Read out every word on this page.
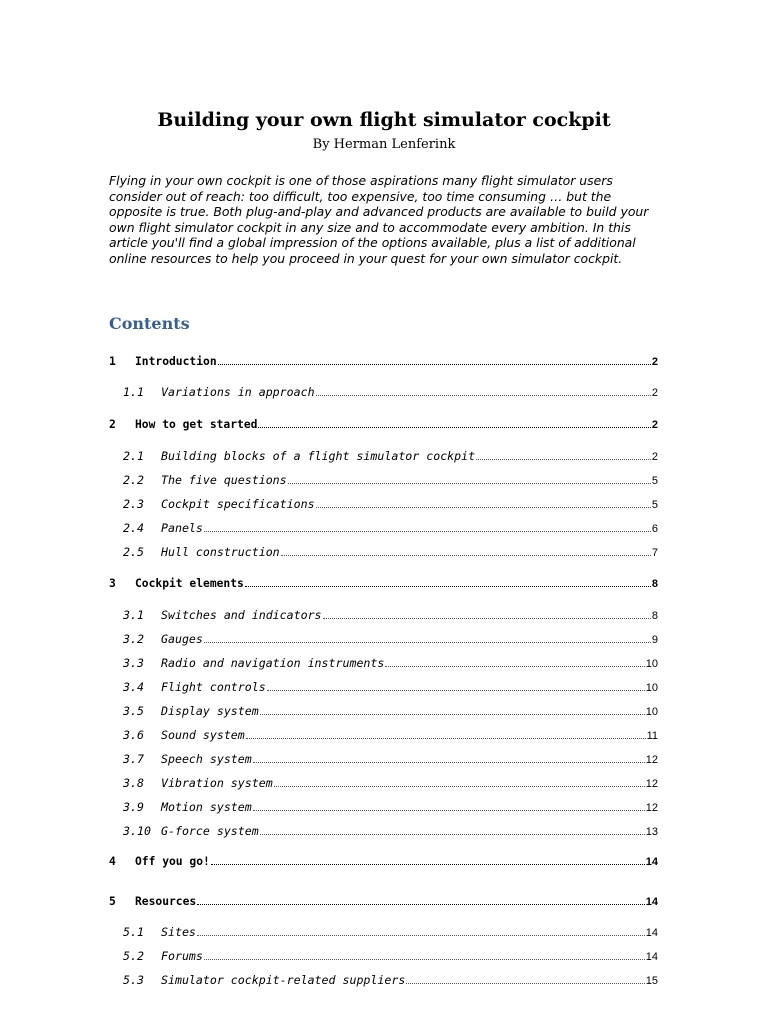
Building your own flight simulator cockpit
By Herman Lenferink

Flying in your own cockpit is one of those aspirations many flight simulator users consider out of reach: too difficult, too expensive, too time consuming … but the opposite is true. Both plug-and-play and advanced products are available to build your own flight simulator cockpit in any size and to accommodate every ambition. In this article you'll find a global impression of the options available, plus a list of additional online resources to help you proceed in your quest for your own simulator cockpit.

Contents
1	Introduction	2
1.1	Variations in approach	2
2	How to get started	2
2.1	Building blocks of a flight simulator cockpit	2
2.2	The five questions	5
2.3	Cockpit specifications	5
2.4	Panels	6
2.5	Hull construction	7
3	Cockpit elements	8
3.1	Switches and indicators	8
3.2	Gauges	9
3.3	Radio and navigation instruments	10
3.4	Flight controls	10
3.5	Display system	10
3.6	Sound system	11
3.7	Speech system	12
3.8	Vibration system	12
3.9	Motion system	12
3.10 G-force system	13
4	Off you go!	14
5	Resources	14
5.1	Sites	14
5.2	Forums	14
5.3	Simulator cockpit-related suppliers	15
